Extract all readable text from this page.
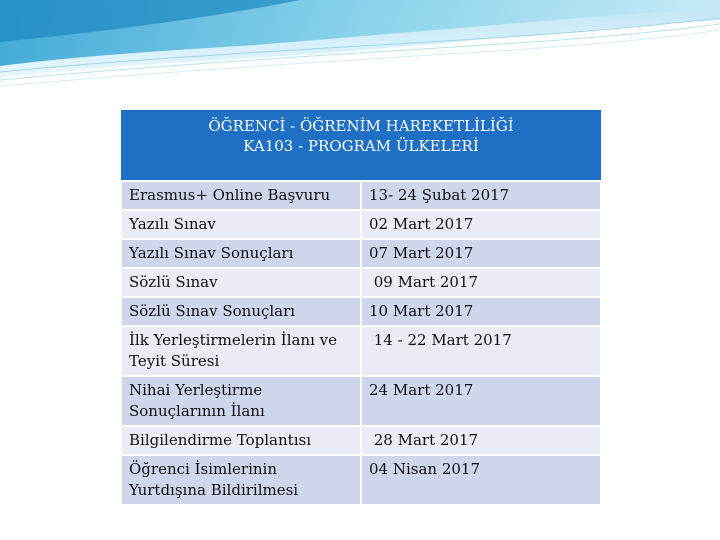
ÖĞRENCİ - ÖĞRENİM HAREKETLİLİĞİ
KA103 - PROGRAM ÜLKELERİ	

Erasmus+ Online Başvuru	13- 24 Şubat 2017
Yazılı Sınav	02 Mart 2017
Yazılı Sınav Sonuçları	07 Mart 2017
Sözlü Sınav	09 Mart 2017
Sözlü Sınav Sonuçları	10 Mart 2017
İlk Yerleştirmelerin İlanı ve Teyit Süresi	14 - 22 Mart 2017
Nihai Yerleştirme Sonuçlarının İlanı	24 Mart 2017
Bilgilendirme Toplantısı	28 Mart 2017
Öğrenci İsimlerinin Yurtdışına Bildirilmesi	04 Nisan 2017
